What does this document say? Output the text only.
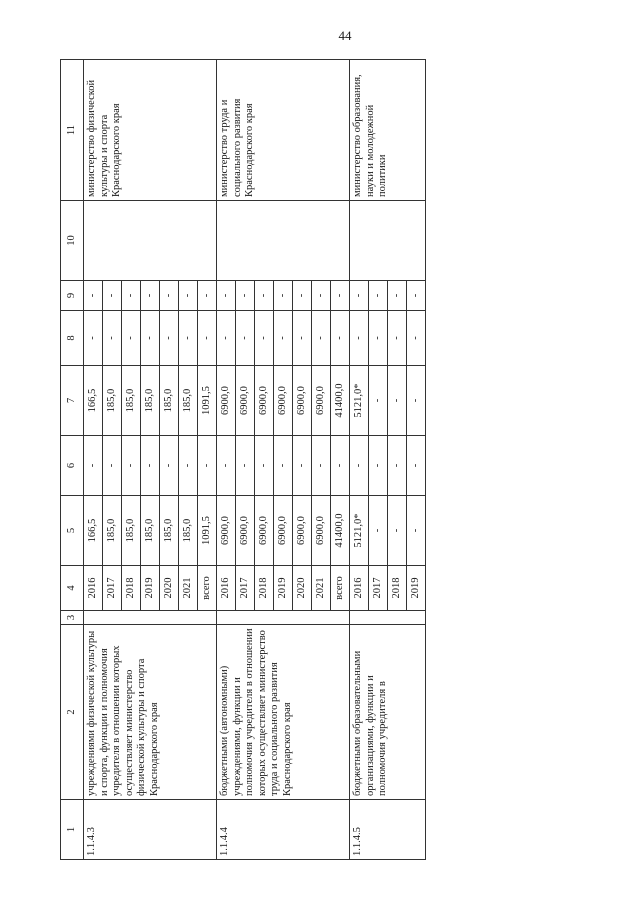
44
1	2	3	4	5	6	7	8	9	10	11
1.1.4.3	учреждениями физической культуры и спорта, функции и полномочия учредителя в отношении которых осуществляет министерство физической культуры и спорта Краснодарского края		2016	166,5	-	166,5	-	-		министерство физической культуры и спорта Краснодарского края
			2017	185,0	-	185,0	-	-		
			2018	185,0	-	185,0	-	-		
			2019	185,0	-	185,0	-	-		
			2020	185,0	-	185,0	-	-		
			2021	185,0	-	185,0	-	-		
			всего	1091,5	-	1091,5	-	-		
1.1.4.4	бюджетными (автономными) учреждениями, функции и полномочия учредителя в отношении которых осуществляет министерство труда и социального развития Краснодарского края		2016	6900,0	-	6900,0	-	-		министерство труда и социального развития Краснодарского края
			2017	6900,0	-	6900,0	-	-		
			2018	6900,0	-	6900,0	-	-		
			2019	6900,0	-	6900,0	-	-		
			2020	6900,0	-	6900,0	-	-		
			2021	6900,0	-	6900,0	-	-		
			всего	41400,0	-	41400,0	-	-		
1.1.4.5	бюджетными образовательными организациями, функции и полномочия учредителя в		2016	5121,0*	-	5121,0*	-	-		министерство образования, науки и молодежной политики
			2017	-	-	-	-	-		
			2018	-	-	-	-	-		
			2019	-	-	-	-	-		
